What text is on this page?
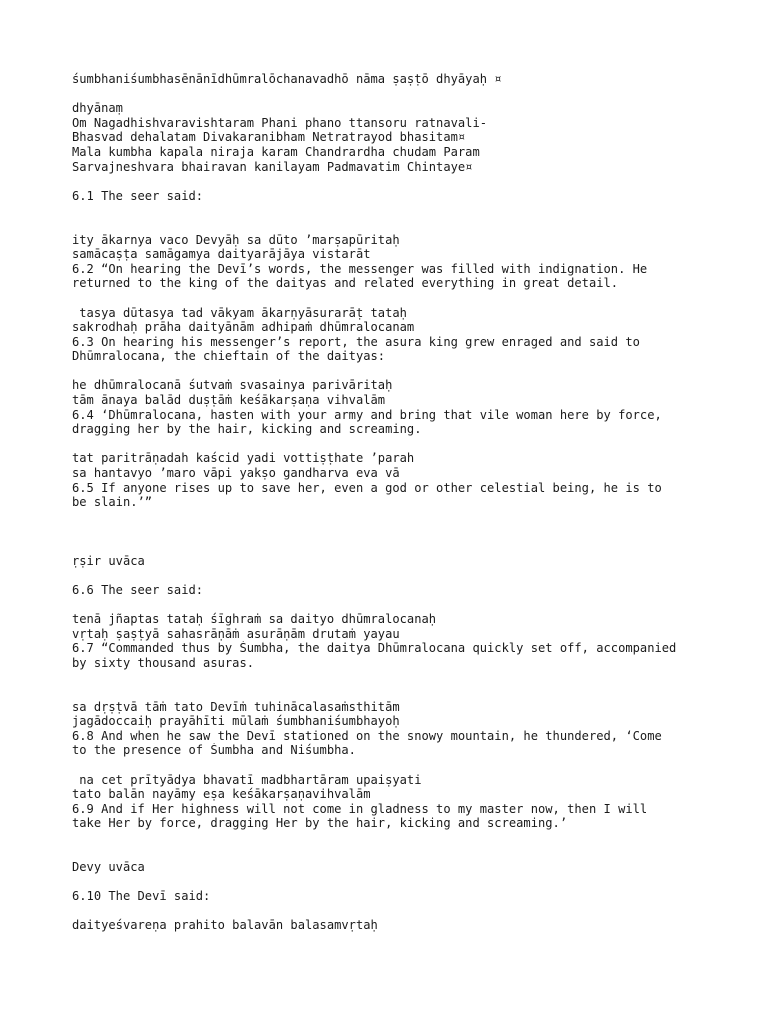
śumbhaniśumbhasēnānīdhūmralōchanavadhō nāma ṣaṣṭō dhyāyaḥ ¤
dhyānaṃ
Om Nagadhishvaravishtaram Phani phano ttansoru ratnavali-
Bhasvad dehalatam Divakaranibham Netratrayod bhasitam¤
Mala kumbha kapala niraja karam Chandrardha chudam Param
Sarvajneshvara bhairavan kanilayam Padmavatim Chintaye¤
6.1 The seer said:
ity ākarnya vaco Devyāḥ sa dūto ’marṣapūritaḥ
samācaṣṭa samāgamya daityarājāya vistarāt
6.2 “On hearing the Devī’s words, the messenger was filled with indignation. He
returned to the king of the daityas and related everything in great detail.
tasya dūtasya tad vākyam ākarṇyāsurarāṭ tataḥ
sakrodhaḥ prāha daityānām adhipaṁ dhūmralocanam
6.3 On hearing his messenger’s report, the asura king grew enraged and said to
Dhūmralocana, the chieftain of the daityas:
he dhūmralocanā śutvaṁ svasainya parivāritaḥ
tām ānaya balād duṣṭāṁ keśākarṣaṇa vihvalām
6.4 ‘Dhūmralocana, hasten with your army and bring that vile woman here by force,
dragging her by the hair, kicking and screaming.
tat paritrāṇadah kaścid yadi vottiṣṭhate ’parah
sa hantavyo ’maro vāpi yakṣo gandharva eva vā
6.5 If anyone rises up to save her, even a god or other celestial being, he is to
be slain.’”
ṛṣir uvāca
6.6 The seer said:
tenā jñaptas tataḥ śīghraṁ sa daityo dhūmralocanaḥ
vṛtaḥ ṣaṣṭyā sahasrāṇāṁ asurāṇām drutaṁ yayau
6.7 “Commanded thus by Śumbha, the daitya Dhūmralocana quickly set off, accompanied
by sixty thousand asuras.
sa dṛṣṭvā tāṁ tato Devīṁ tuhinācalasaṁsthitām
jagādoccaiḥ prayāhīti mūlaṁ śumbhaniśumbhayoḥ
6.8 And when he saw the Devī stationed on the snowy mountain, he thundered, ‘Come
to the presence of Śumbha and Niśumbha.
na cet prītyādya bhavatī madbhartāram upaiṣyati
tato balān nayāmy eṣa keśākarṣaṇavihvalām
6.9 And if Her highness will not come in gladness to my master now, then I will
take Her by force, dragging Her by the hair, kicking and screaming.’
Devy uvāca
6.10 The Devī said:
daityeśvareṇa prahito balavān balasamvṛtaḥ
